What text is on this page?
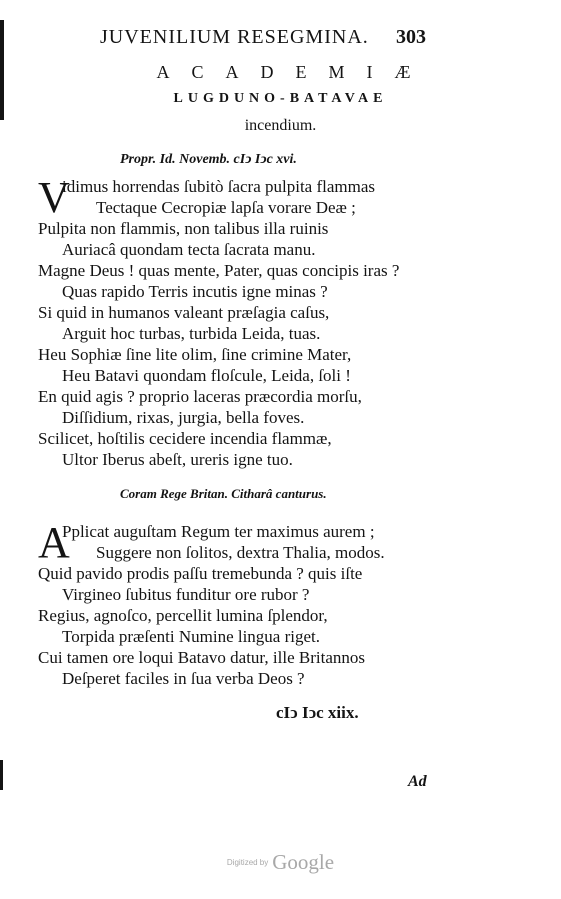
JUVENILIUM RESEGMINA. 303
ACADEMIÆ
LUGDUNO-BATAVAE
incendium.
Propr. Id. Novemb. cIↄ Iↄc xvi.
V
idimus horrendas ſubitò ſacra pulpita flammas
Tectaque Cecropiæ lapſa vorare Deæ ;
Pulpita non flammis, non talibus illa ruinis
Auriacâ quondam tecta ſacrata manu.
Magne Deus ! quas mente, Pater, quas concipis iras ?
Quas rapido Terris incutis igne minas ?
Si quid in humanos valeant præſagia caſus,
Arguit hoc turbas, turbida Leida, tuas.
Heu Sophiæ ſine lite olim, ſine crimine Mater,
Heu Batavi quondam floſcule, Leida, ſoli !
En quid agis ? proprio laceras præcordia morſu,
Diſſidium, rixas, jurgia, bella foves.
Scilicet, hoſtilis cecidere incendia flammæ,
Ultor Iberus abeſt, ureris igne tuo.
Coram Rege Britan. Citharâ canturus.
A
Pplicat auguſtam Regum ter maximus aurem ;
Suggere non ſolitos, dextra Thalia, modos.
Quid pavido prodis paſſu tremebunda ? quis iſte
Virgineo ſubitus funditur ore rubor ?
Regius, agnoſco, percellit lumina ſplendor,
Torpida præſenti Numine lingua riget.
Cui tamen ore loqui Batavo datur, ille Britannos
Deſperet faciles in ſua verba Deos ?
cIↄ Iↄc xiix.
Ad
Digitized by Google
